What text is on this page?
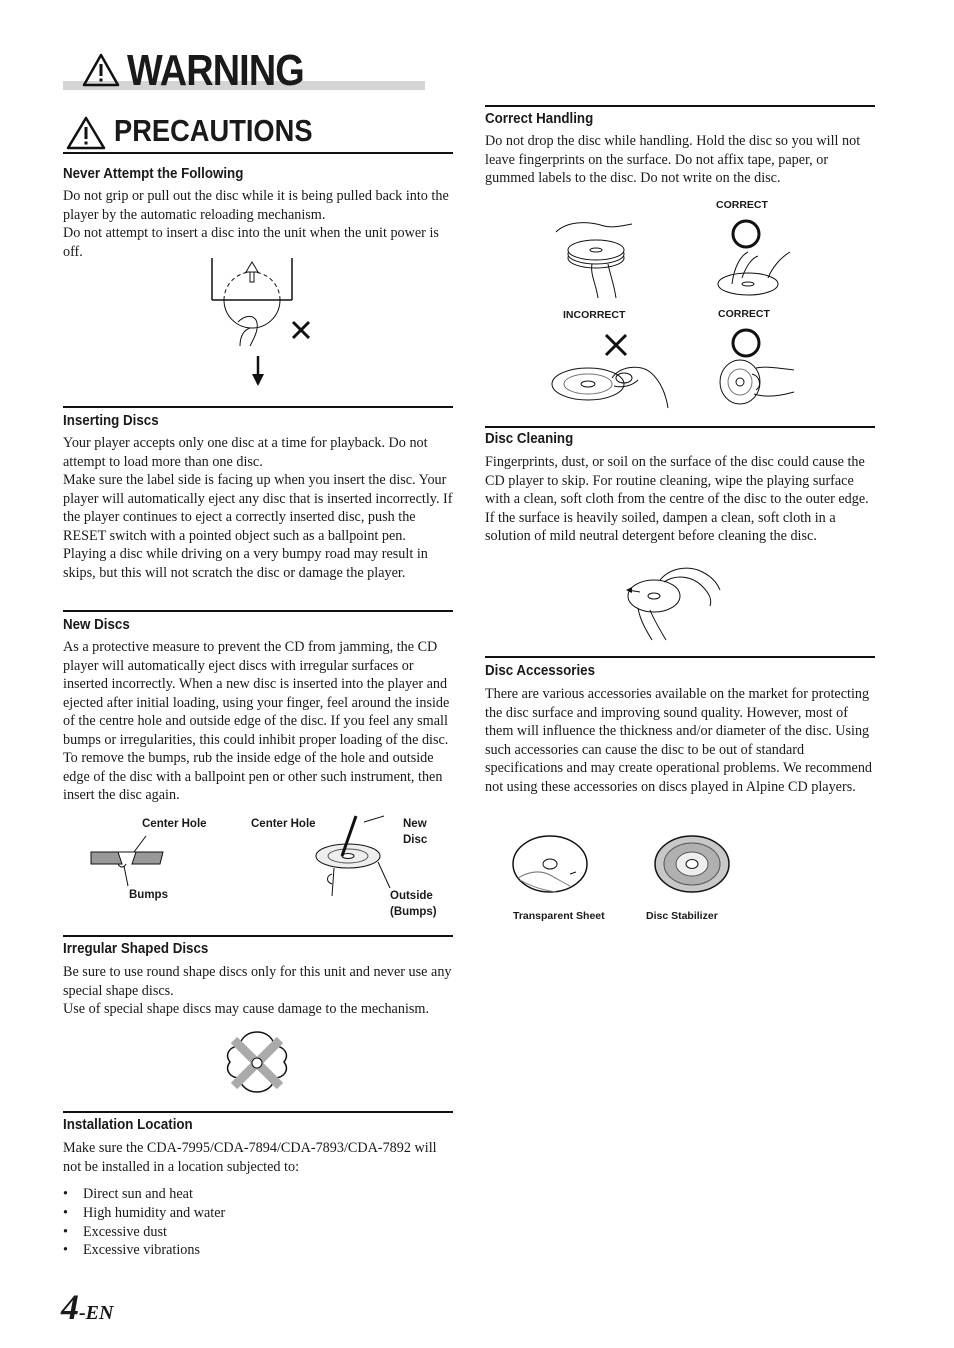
WARNING
PRECAUTIONS
Never Attempt the Following

Do not grip or pull out the disc while it is being pulled back into the player by the automatic reloading mechanism.

Do not attempt to insert a disc into the unit when the unit power is off.

Inserting Discs

Your player accepts only one disc at a time for playback. Do not attempt to load more than one disc.

Make sure the label side is facing up when you insert the disc. Your player will automatically eject any disc that is inserted incorrectly. If the player continues to eject a correctly inserted disc, push the RESET switch with a pointed object such as a ballpoint pen.

Playing a disc while driving on a very bumpy road may result in skips, but this will not scratch the disc or damage the player.

New Discs

As a protective measure to prevent the CD from jamming, the CD player will automatically eject discs with irregular surfaces or inserted incorrectly. When a new disc is inserted into the player and ejected after initial loading, using your finger, feel around the inside of the centre hole and outside edge of the disc. If you feel any small bumps or irregularities, this could inhibit proper loading of the disc. To remove the bumps, rub the inside edge of the hole and outside edge of the disc with a ballpoint pen or other such instrument, then insert the disc again.

Center Hole	Center Hole	New
Disc
Bumps	Outside
(Bumps)
Irregular Shaped Discs

Be sure to use round shape discs only for this unit and never use any special shape discs.

Use of special shape discs may cause damage to the mechanism.

Installation Location

Make sure the CDA-7995/CDA-7894/CDA-7893/CDA-7892 will not be installed in a location subjected to:

• Direct sun and heat
• High humidity and water
• Excessive dust
• Excessive vibrations
Correct Handling

Do not drop the disc while handling. Hold the disc so you will not leave fingerprints on the surface. Do not affix tape, paper, or gummed labels to the disc. Do not write on the disc.

CORRECT
INCORRECT	CORRECT
Disc Cleaning

Fingerprints, dust, or soil on the surface of the disc could cause the CD player to skip. For routine cleaning, wipe the playing surface with a clean, soft cloth from the centre of the disc to the outer edge. If the surface is heavily soiled, dampen a clean, soft cloth in a solution of mild neutral detergent before cleaning the disc.

Disc Accessories

There are various accessories available on the market for protecting the disc surface and improving sound quality. However, most of them will influence the thickness and/or diameter of the disc. Using such accessories can cause the disc to be out of standard specifications and may create operational problems. We recommend not using these accessories on discs played in Alpine CD players.

Transparent Sheet	Disc Stabilizer
4-EN
